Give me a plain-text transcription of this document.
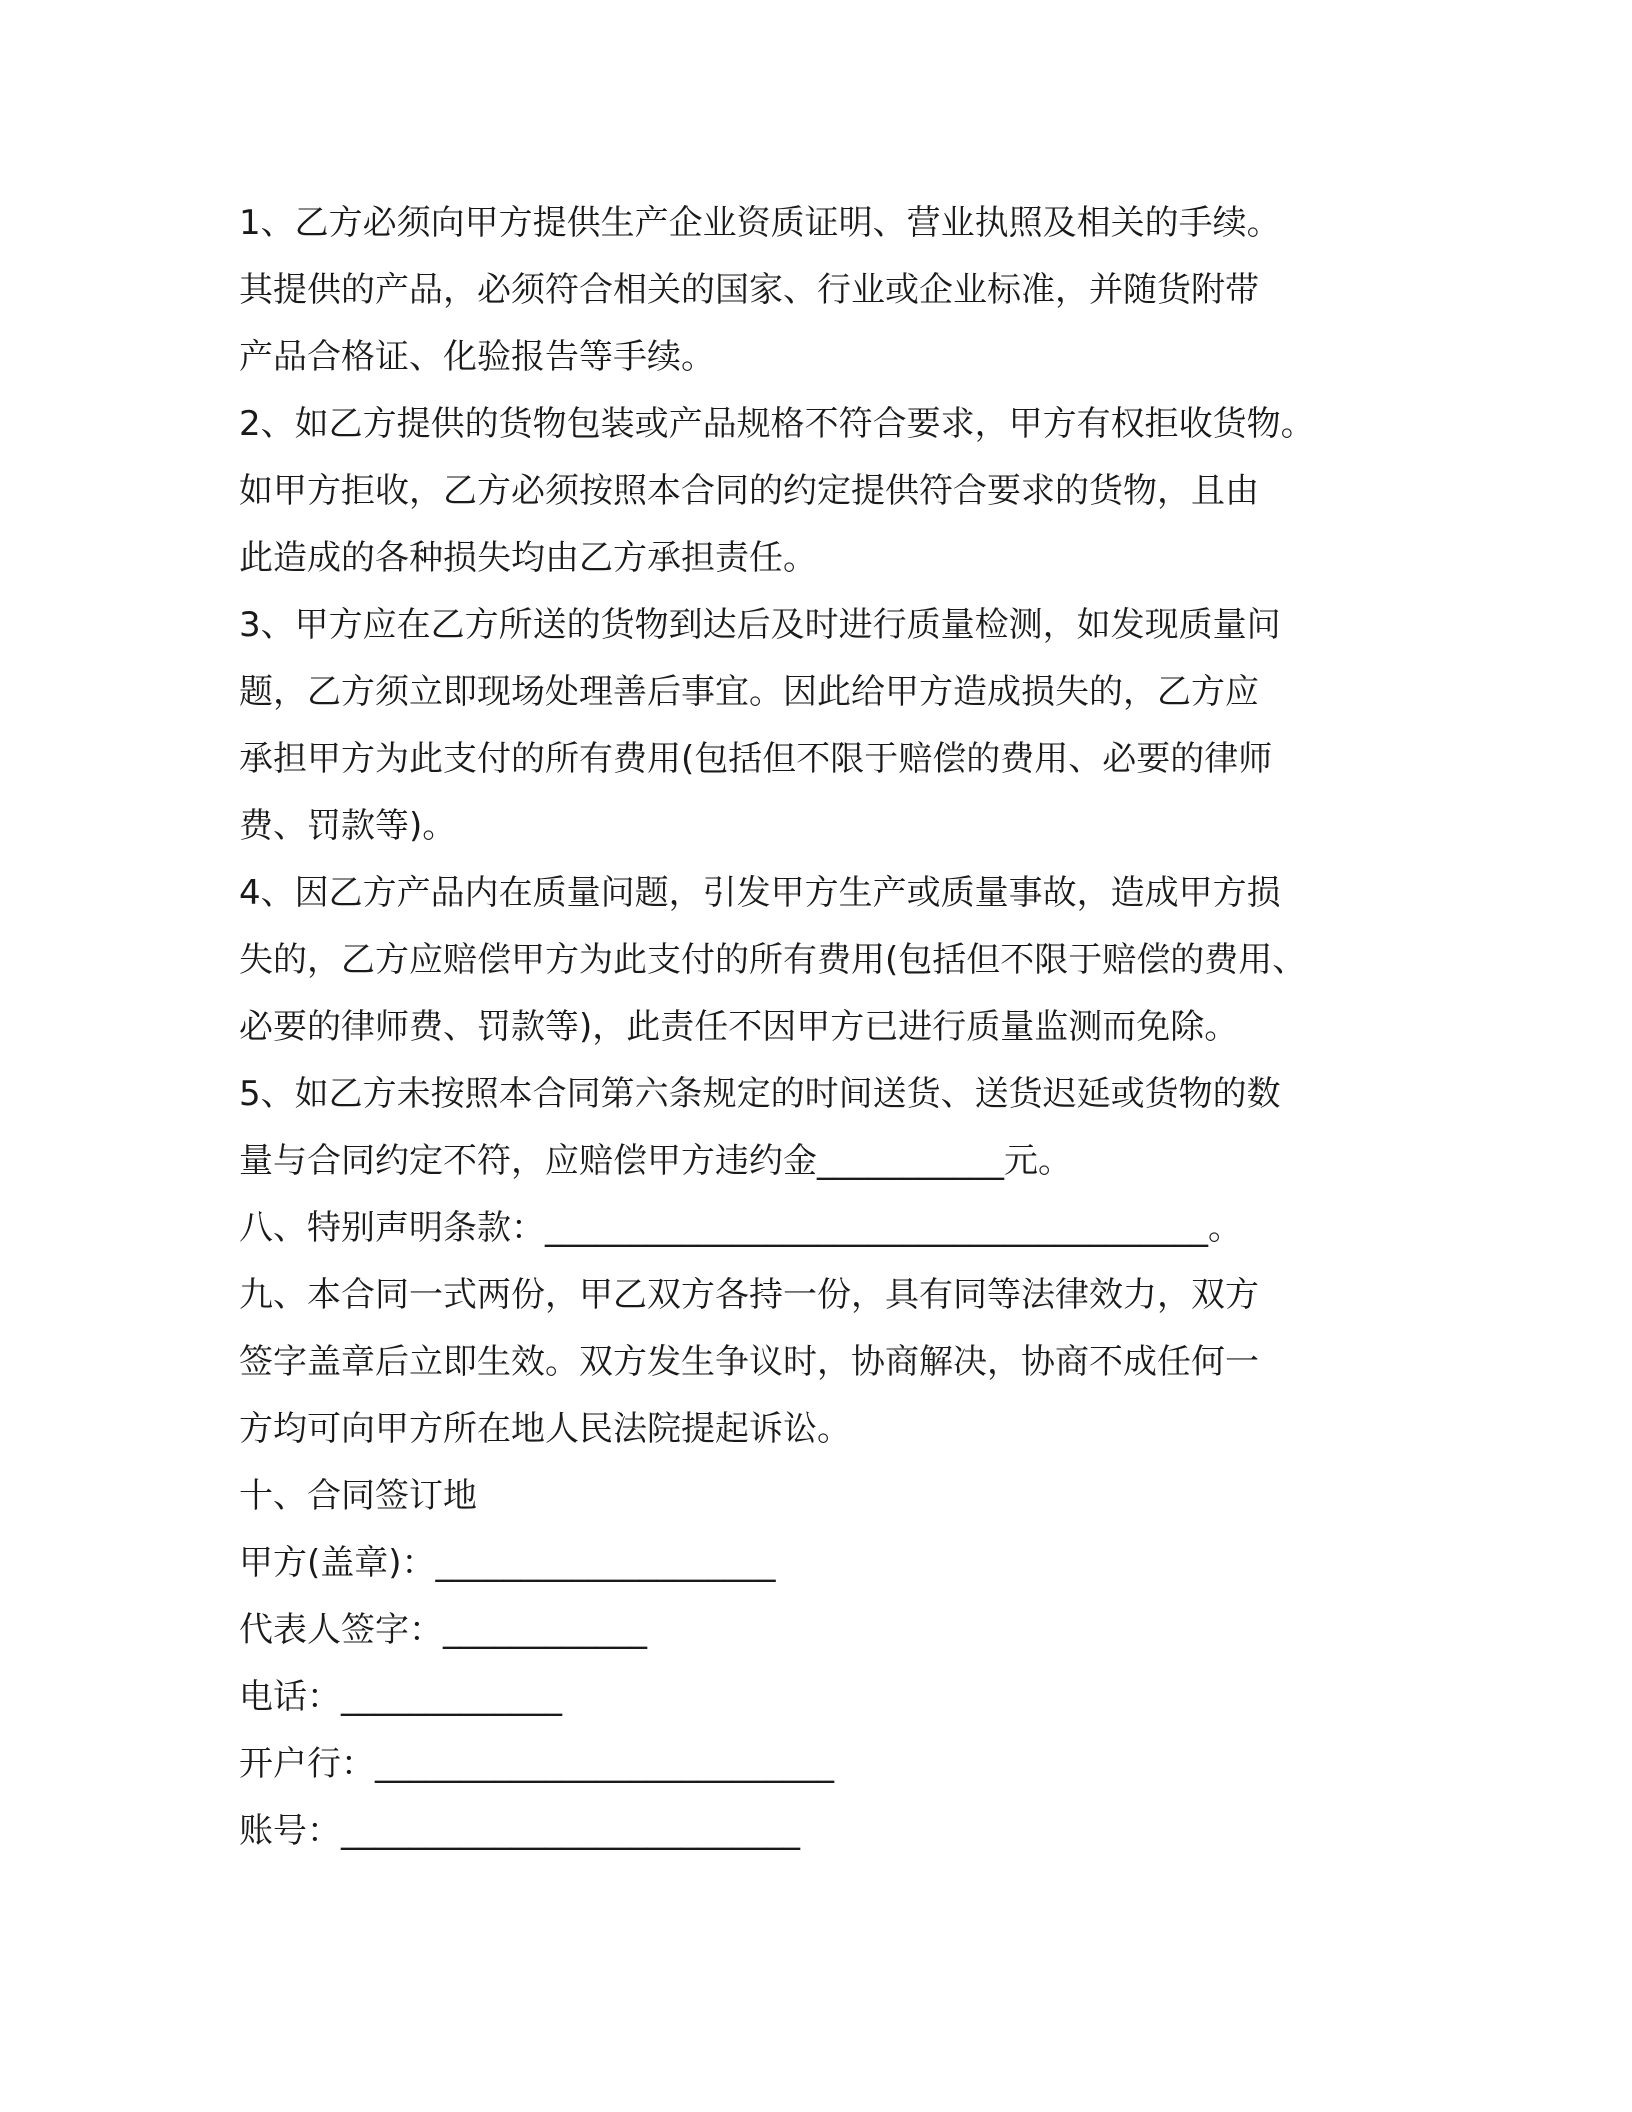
1、乙方必须向甲方提供生产企业资质证明、营业执照及相关的手续。
其提供的产品，必须符合相关的国家、行业或企业标准，并随货附带
产品合格证、化验报告等手续。
2、如乙方提供的货物包装或产品规格不符合要求，甲方有权拒收货物。
如甲方拒收，乙方必须按照本合同的约定提供符合要求的货物，且由
此造成的各种损失均由乙方承担责任。
3、甲方应在乙方所送的货物到达后及时进行质量检测，如发现质量问
题，乙方须立即现场处理善后事宜。因此给甲方造成损失的，乙方应
承担甲方为此支付的所有费用(包括但不限于赔偿的费用、必要的律师
费、罚款等)。
4、因乙方产品内在质量问题，引发甲方生产或质量事故，造成甲方损
失的，乙方应赔偿甲方为此支付的所有费用(包括但不限于赔偿的费用、
必要的律师费、罚款等)，此责任不因甲方已进行质量监测而免除。
5、如乙方未按照本合同第六条规定的时间送货、送货迟延或货物的数
量与合同约定不符，应赔偿甲方违约金___________元。
八、特别声明条款：_______________________________________。
九、本合同一式两份，甲乙双方各持一份，具有同等法律效力，双方
签字盖章后立即生效。双方发生争议时，协商解决，协商不成任何一
方均可向甲方所在地人民法院提起诉讼。
十、合同签订地
甲方(盖章)：____________________
代表人签字：____________
电话：_____________
开户行：___________________________
账号：___________________________
